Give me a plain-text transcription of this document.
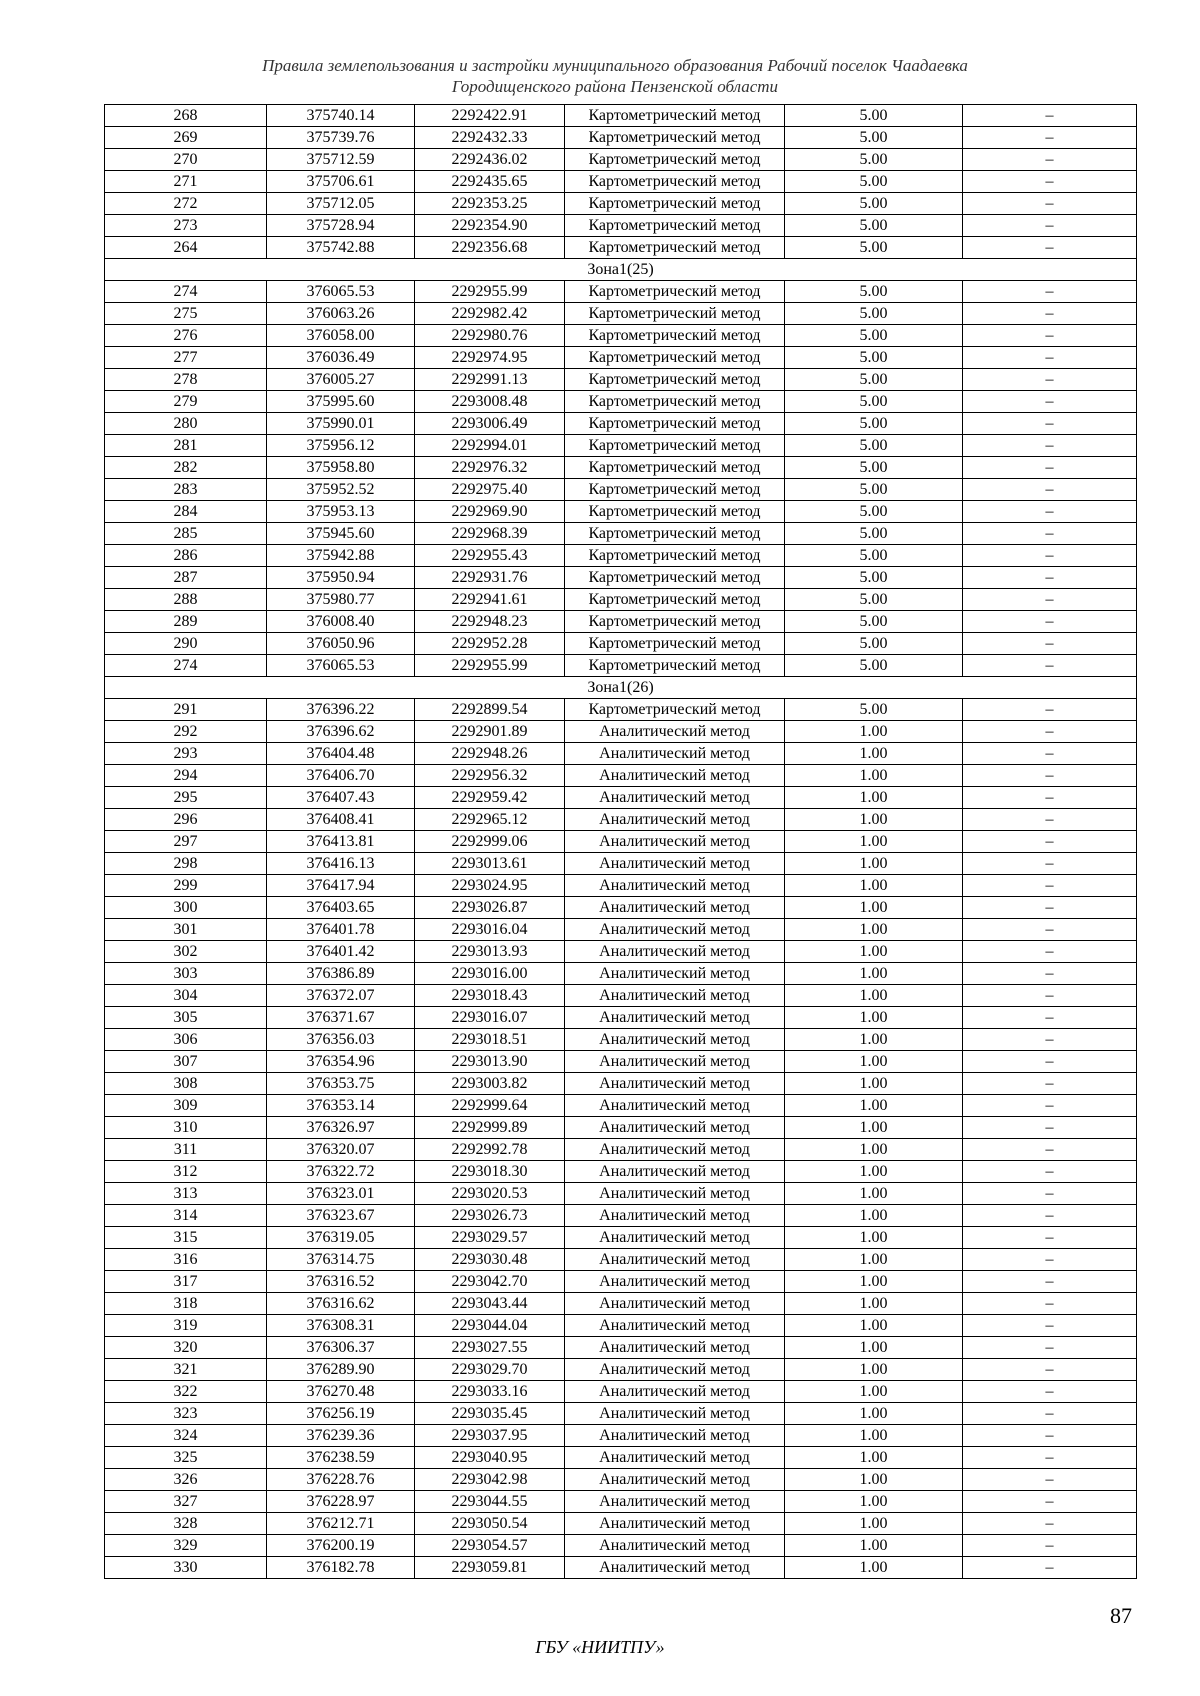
Правила землепользования и застройки муниципального образования Рабочий поселок Чаадаевка
Городищенского района Пензенской области
268	375740.14	2292422.91	Картометрический метод	5.00	–
269	375739.76	2292432.33	Картометрический метод	5.00	–
270	375712.59	2292436.02	Картометрический метод	5.00	–
271	375706.61	2292435.65	Картометрический метод	5.00	–
272	375712.05	2292353.25	Картометрический метод	5.00	–
273	375728.94	2292354.90	Картометрический метод	5.00	–
264	375742.88	2292356.68	Картометрический метод	5.00	–
Зона1(25)					
274	376065.53	2292955.99	Картометрический метод	5.00	–
275	376063.26	2292982.42	Картометрический метод	5.00	–
276	376058.00	2292980.76	Картометрический метод	5.00	–
277	376036.49	2292974.95	Картометрический метод	5.00	–
278	376005.27	2292991.13	Картометрический метод	5.00	–
279	375995.60	2293008.48	Картометрический метод	5.00	–
280	375990.01	2293006.49	Картометрический метод	5.00	–
281	375956.12	2292994.01	Картометрический метод	5.00	–
282	375958.80	2292976.32	Картометрический метод	5.00	–
283	375952.52	2292975.40	Картометрический метод	5.00	–
284	375953.13	2292969.90	Картометрический метод	5.00	–
285	375945.60	2292968.39	Картометрический метод	5.00	–
286	375942.88	2292955.43	Картометрический метод	5.00	–
287	375950.94	2292931.76	Картометрический метод	5.00	–
288	375980.77	2292941.61	Картометрический метод	5.00	–
289	376008.40	2292948.23	Картометрический метод	5.00	–
290	376050.96	2292952.28	Картометрический метод	5.00	–
274	376065.53	2292955.99	Картометрический метод	5.00	–
Зона1(26)					
291	376396.22	2292899.54	Картометрический метод	5.00	–
292	376396.62	2292901.89	Аналитический метод	1.00	–
293	376404.48	2292948.26	Аналитический метод	1.00	–
294	376406.70	2292956.32	Аналитический метод	1.00	–
295	376407.43	2292959.42	Аналитический метод	1.00	–
296	376408.41	2292965.12	Аналитический метод	1.00	–
297	376413.81	2292999.06	Аналитический метод	1.00	–
298	376416.13	2293013.61	Аналитический метод	1.00	–
299	376417.94	2293024.95	Аналитический метод	1.00	–
300	376403.65	2293026.87	Аналитический метод	1.00	–
301	376401.78	2293016.04	Аналитический метод	1.00	–
302	376401.42	2293013.93	Аналитический метод	1.00	–
303	376386.89	2293016.00	Аналитический метод	1.00	–
304	376372.07	2293018.43	Аналитический метод	1.00	–
305	376371.67	2293016.07	Аналитический метод	1.00	–
306	376356.03	2293018.51	Аналитический метод	1.00	–
307	376354.96	2293013.90	Аналитический метод	1.00	–
308	376353.75	2293003.82	Аналитический метод	1.00	–
309	376353.14	2292999.64	Аналитический метод	1.00	–
310	376326.97	2292999.89	Аналитический метод	1.00	–
311	376320.07	2292992.78	Аналитический метод	1.00	–
312	376322.72	2293018.30	Аналитический метод	1.00	–
313	376323.01	2293020.53	Аналитический метод	1.00	–
314	376323.67	2293026.73	Аналитический метод	1.00	–
315	376319.05	2293029.57	Аналитический метод	1.00	–
316	376314.75	2293030.48	Аналитический метод	1.00	–
317	376316.52	2293042.70	Аналитический метод	1.00	–
318	376316.62	2293043.44	Аналитический метод	1.00	–
319	376308.31	2293044.04	Аналитический метод	1.00	–
320	376306.37	2293027.55	Аналитический метод	1.00	–
321	376289.90	2293029.70	Аналитический метод	1.00	–
322	376270.48	2293033.16	Аналитический метод	1.00	–
323	376256.19	2293035.45	Аналитический метод	1.00	–
324	376239.36	2293037.95	Аналитический метод	1.00	–
325	376238.59	2293040.95	Аналитический метод	1.00	–
326	376228.76	2293042.98	Аналитический метод	1.00	–
327	376228.97	2293044.55	Аналитический метод	1.00	–
328	376212.71	2293050.54	Аналитический метод	1.00	–
329	376200.19	2293054.57	Аналитический метод	1.00	–
330	376182.78	2293059.81	Аналитический метод	1.00	–
87
ГБУ «НИИТПУ»
